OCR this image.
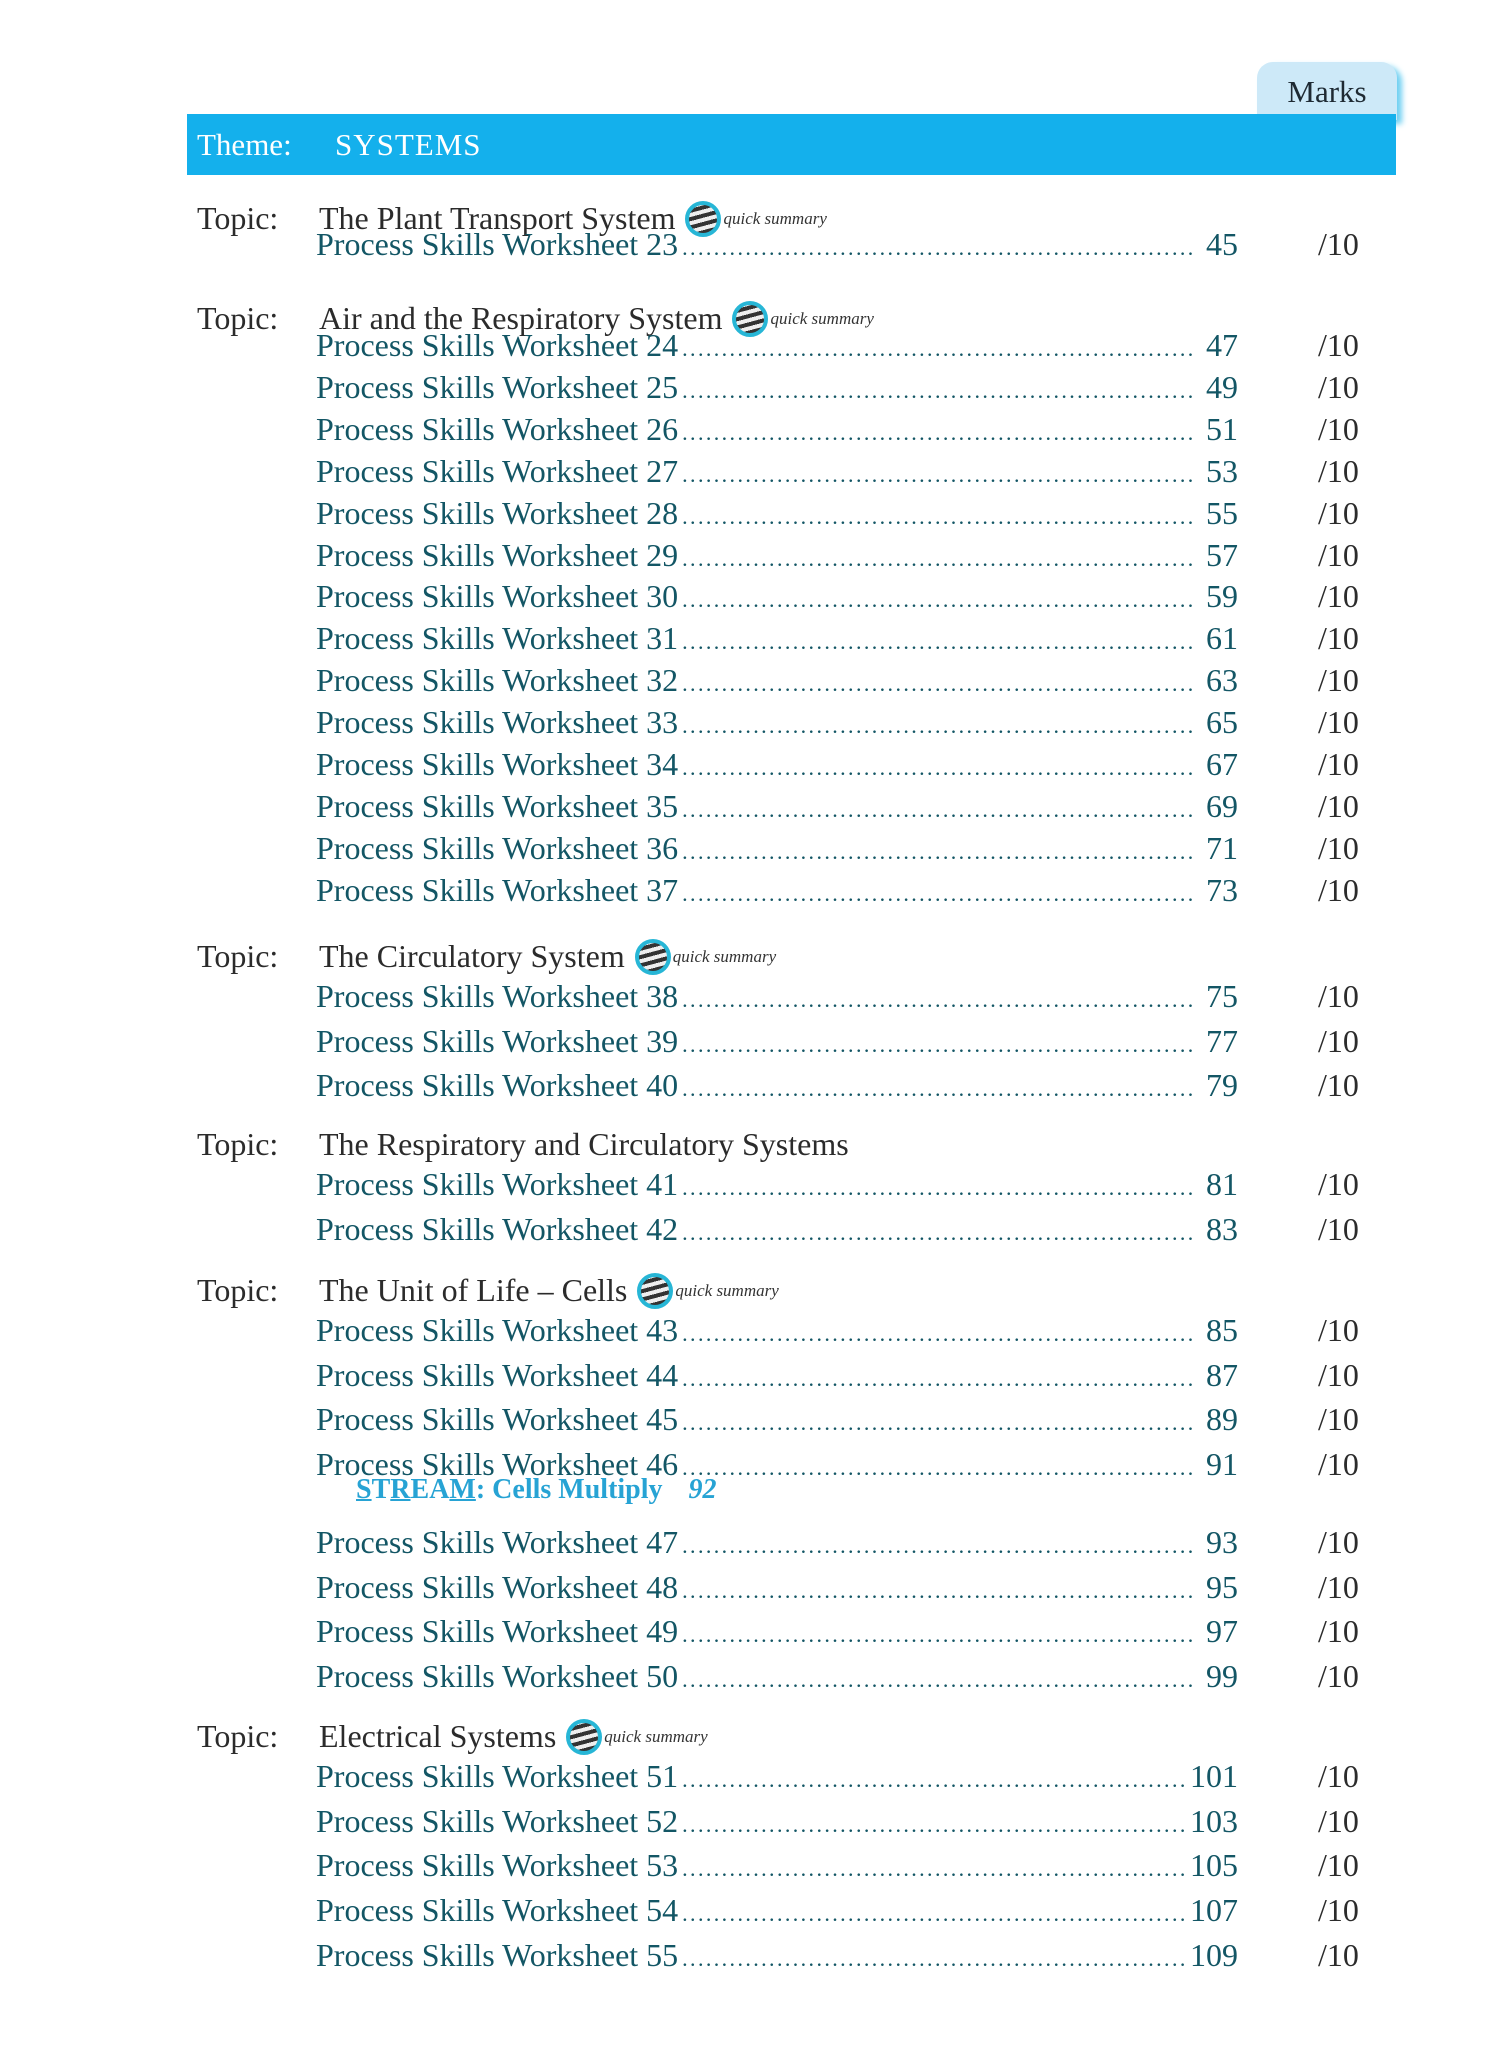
Marks
Theme: SYSTEMS
Topic: The Plant Transport System	quick summary
Process Skills Worksheet 23 .....	45	/10
Topic: Air and the Respiratory System	quick summary
Process Skills Worksheet 24 .....	47	/10
Process Skills Worksheet 25 .....	49	/10
Process Skills Worksheet 26 .....	51	/10
Process Skills Worksheet 27 .....	53	/10
Process Skills Worksheet 28 .....	55	/10
Process Skills Worksheet 29 .....	57	/10
Process Skills Worksheet 30 .....	59	/10
Process Skills Worksheet 31 .....	61	/10
Process Skills Worksheet 32 .....	63	/10
Process Skills Worksheet 33 .....	65	/10
Process Skills Worksheet 34 .....	67	/10
Process Skills Worksheet 35 .....	69	/10
Process Skills Worksheet 36 .....	71	/10
Process Skills Worksheet 37 .....	73	/10
Topic: The Circulatory System	quick summary
Process Skills Worksheet 38 .....	75	/10
Process Skills Worksheet 39 .....	77	/10
Process Skills Worksheet 40 .....	79	/10
Topic: The Respiratory and Circulatory Systems
Process Skills Worksheet 41 .....	81	/10
Process Skills Worksheet 42 .....	83	/10
Topic: The Unit of Life – Cells	quick summary
Process Skills Worksheet 43 .....	85	/10
Process Skills Worksheet 44 .....	87	/10
Process Skills Worksheet 45 .....	89	/10
Process Skills Worksheet 46 .....	91	/10
Process Skills Worksheet 47 .....	93	/10
Process Skills Worksheet 48 .....	95	/10
Process Skills Worksheet 49 .....	97	/10
Process Skills Worksheet 50 .....	99	/10
Topic: Electrical Systems	quick summary
Process Skills Worksheet 51 .....	101	/10
Process Skills Worksheet 52 .....	103	/10
Process Skills Worksheet 53 .....	105	/10
Process Skills Worksheet 54 .....	107	/10
Process Skills Worksheet 55 .....	109	/10
STREAM: Cells Multiply 92
